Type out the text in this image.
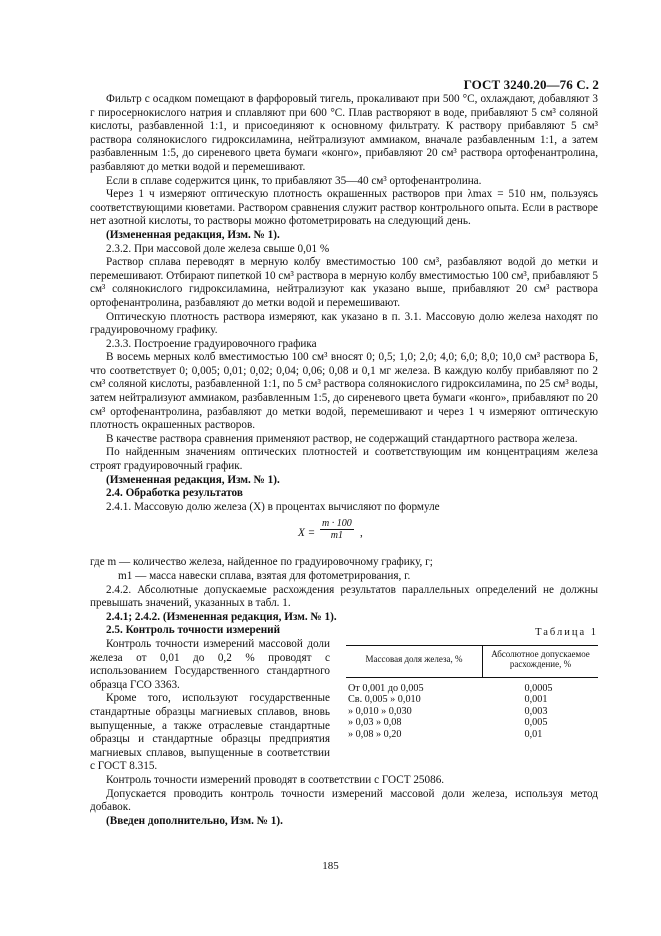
ГОСТ 3240.20—76 С. 2

Фильтр с осадком помещают в фарфоровый тигель, прокаливают при 500 °С, охлаждают, добавляют 3 г пиросернокислого натрия и сплавляют при 600 °С. Плав растворяют в воде, прибавляют 5 см³ соляной кислоты, разбавленной 1:1, и присоединяют к основному фильтрату. К раствору прибавляют 5 см³ раствора солянокислого гидроксиламина, нейтрализуют аммиаком, вначале разбавленным 1:1, а затем разбавленным 1:5, до сиреневого цвета бумаги «конго», прибавляют 20 см³ раствора ортофенантролина, разбавляют до метки водой и перемешивают.

Если в сплаве содержится цинк, то прибавляют 35—40 см³ ортофенантролина.

Через 1 ч измеряют оптическую плотность окрашенных растворов при λmax = 510 нм, пользуясь соответствующими кюветами. Раствором сравнения служит раствор контрольного опыта. Если в растворе нет азотной кислоты, то растворы можно фотометрировать на следующий день.

(Измененная редакция, Изм. № 1).

2.3.2. При массовой доле железа свыше 0,01 %

Раствор сплава переводят в мерную колбу вместимостью 100 см³, разбавляют водой до метки и перемешивают. Отбирают пипеткой 10 см³ раствора в мерную колбу вместимостью 100 см³, прибавляют 5 см³ солянокислого гидроксиламина, нейтрализуют как указано выше, прибавляют 20 см³ раствора ортофенантролина, разбавляют до метки водой и перемешивают.

Оптическую плотность раствора измеряют, как указано в п. 3.1. Массовую долю железа находят по градуировочному графику.

2.3.3. Построение градуировочного графика

В восемь мерных колб вместимостью 100 см³ вносят 0; 0,5; 1,0; 2,0; 4,0; 6,0; 8,0; 10,0 см³ раствора Б, что соответствует 0; 0,005; 0,01; 0,02; 0,04; 0,06; 0,08 и 0,1 мг железа. В каждую колбу прибавляют по 2 см³ соляной кислоты, разбавленной 1:1, по 5 см³ раствора солянокислого гидроксиламина, по 25 см³ воды, затем нейтрализуют аммиаком, разбавленным 1:5, до сиреневого цвета бумаги «конго», прибавляют по 20 см³ ортофенантролина, разбавляют до метки водой, перемешивают и через 1 ч измеряют оптическую плотность окрашенных растворов.

В качестве раствора сравнения применяют раствор, не содержащий стандартного раствора железа.

По найденным значениям оптических плотностей и соответствующим им концентрациям железа строят градуировочный график.

(Измененная редакция, Изм. № 1).

2.4. Обработка результатов

2.4.1. Массовую долю железа (X) в процентах вычисляют по формуле

$X = \frac{m \cdot 100}{m1}$ ,

где m — количество железа, найденное по градуировочному графику, г;

m1 — масса навески сплава, взятая для фотометрирования, г.

2.4.2. Абсолютные допускаемые расхождения результатов параллельных определений не должны превышать значений, указанных в табл. 1.

2.4.1; 2.4.2. (Измененная редакция, Изм. № 1).

2.5. Контроль точности измерений

Контроль точности измерений массовой доли железа от 0,01 до 0,2 % проводят с использованием Государственного стандартного образца ГСО 3363.

Кроме того, используют государственные стандартные образцы магниевых сплавов, вновь выпущенные, а также отраслевые стандартные образцы и стандартные образцы предприятия магниевых сплавов, выпущенные в соответствии с ГОСТ 8.315.

Таблица 1
Массовая доля железа, %	Абсолютное допускаемое расхождение, %
От 0,001 до 0,005	0,0005
Св. 0,005 » 0,010	0,001
» 0,010 » 0,030	0,003
» 0,03 » 0,08	0,005
» 0,08 » 0,20	0,01

Контроль точности измерений проводят в соответствии с ГОСТ 25086.

Допускается проводить контроль точности измерений массовой доли железа, используя метод добавок.

(Введен дополнительно, Изм. № 1).

185
